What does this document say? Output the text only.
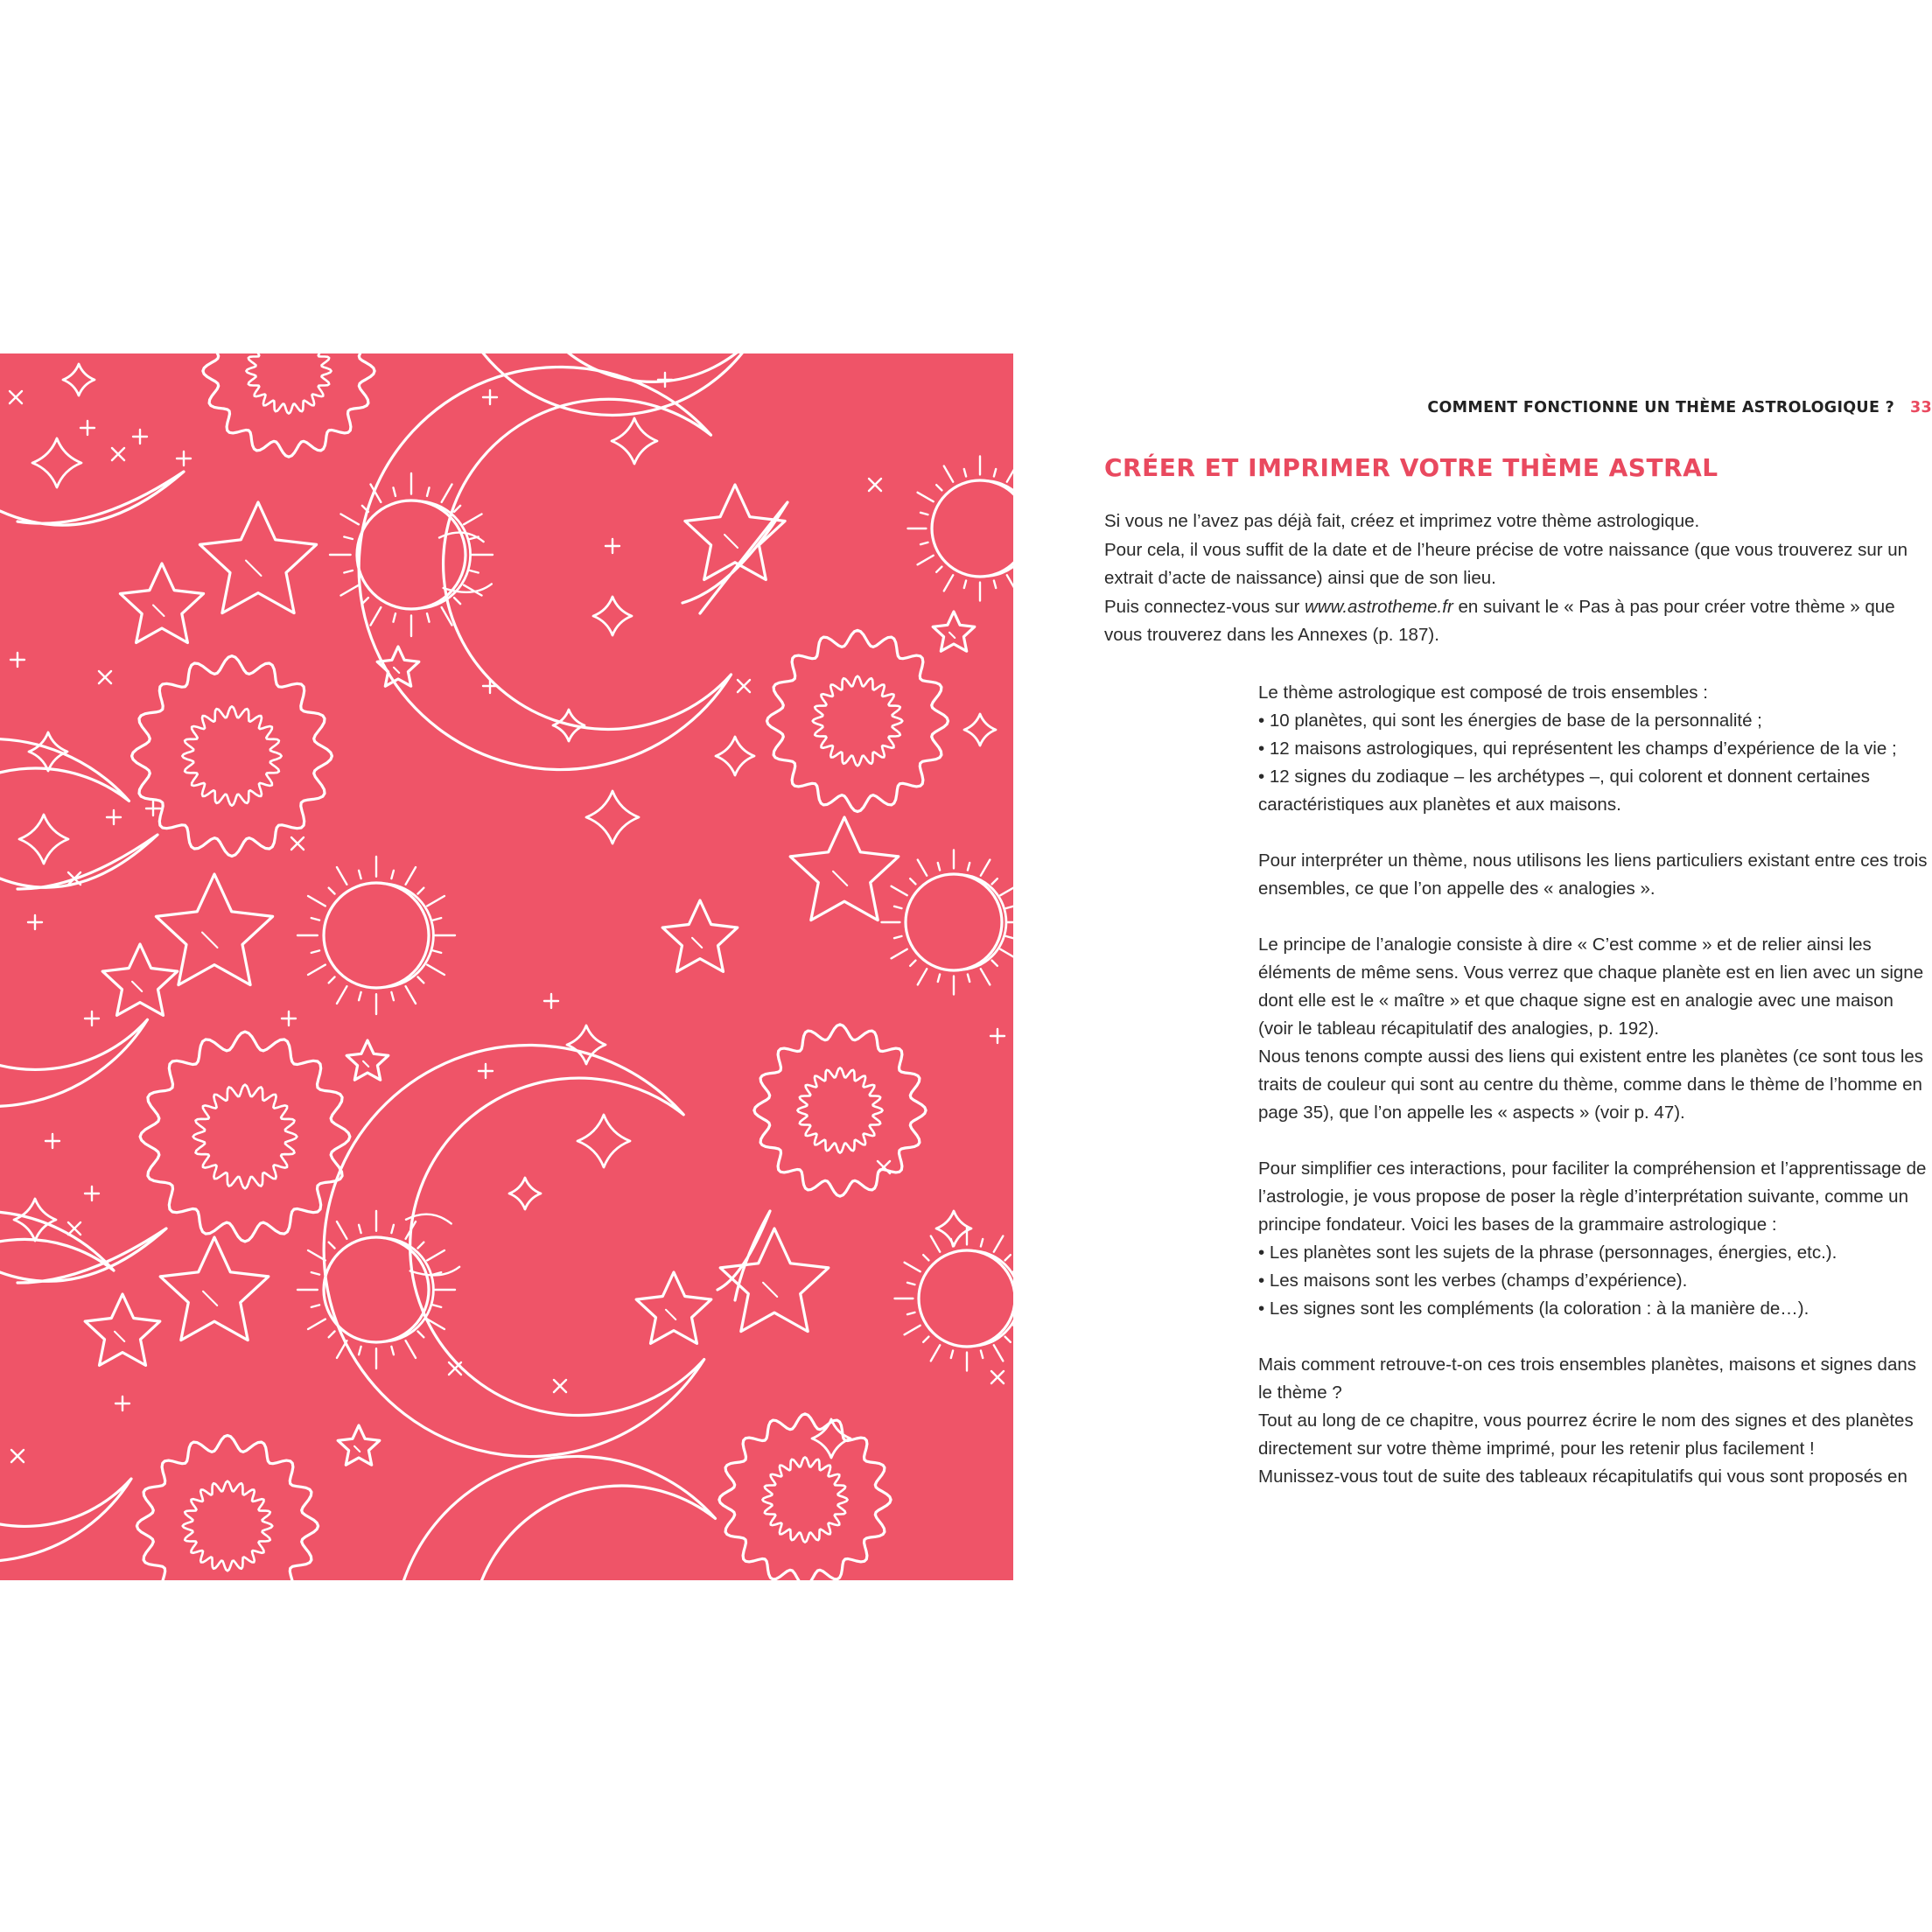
COMMENT FONCTIONNE UN THÈME ASTROLOGIQUE ? 33
CRÉER ET IMPRIMER VOTRE THÈME ASTRAL
Si vous ne l’avez pas déjà fait, créez et imprimez votre thème astrologique.
Pour cela, il vous suffit de la date et de l’heure précise de votre naissance (que vous trouverez sur un extrait d’acte de naissance) ainsi que de son lieu.
Puis connectez-vous sur www.astrotheme.fr en suivant le « Pas à pas pour créer votre thème » que vous trouverez dans les Annexes (p. 187).

Le thème astrologique est composé de trois ensembles :
• 10 planètes, qui sont les énergies de base de la personnalité ;
• 12 maisons astrologiques, qui représentent les champs d’expérience de la vie ;
• 12 signes du zodiaque – les archétypes –, qui colorent et donnent certaines caractéristiques aux planètes et aux maisons.

Pour interpréter un thème, nous utilisons les liens particuliers existant entre ces trois ensembles, ce que l’on appelle des « analogies ».

Le principe de l’analogie consiste à dire « C’est comme » et de relier ainsi les éléments de même sens. Vous verrez que chaque planète est en lien avec un signe dont elle est le « maître » et que chaque signe est en analogie avec une maison (voir le tableau récapitulatif des analogies, p. 192).
Nous tenons compte aussi des liens qui existent entre les planètes (ce sont tous les traits de couleur qui sont au centre du thème, comme dans le thème de l’homme en page 35), que l’on appelle les « aspects » (voir p. 47).

Pour simplifier ces interactions, pour faciliter la compréhension et l’apprentissage de l’astrologie, je vous propose de poser la règle d’interprétation suivante, comme un principe fondateur. Voici les bases de la grammaire astrologique :
• Les planètes sont les sujets de la phrase (personnages, énergies, etc.).
• Les maisons sont les verbes (champs d’expérience).
• Les signes sont les compléments (la coloration : à la manière de…).

Mais comment retrouve-t-on ces trois ensembles planètes, maisons et signes dans le thème ?
Tout au long de ce chapitre, vous pourrez écrire le nom des signes et des planètes directement sur votre thème imprimé, pour les retenir plus facilement !
Munissez-vous tout de suite des tableaux récapitulatifs qui vous sont proposés en
